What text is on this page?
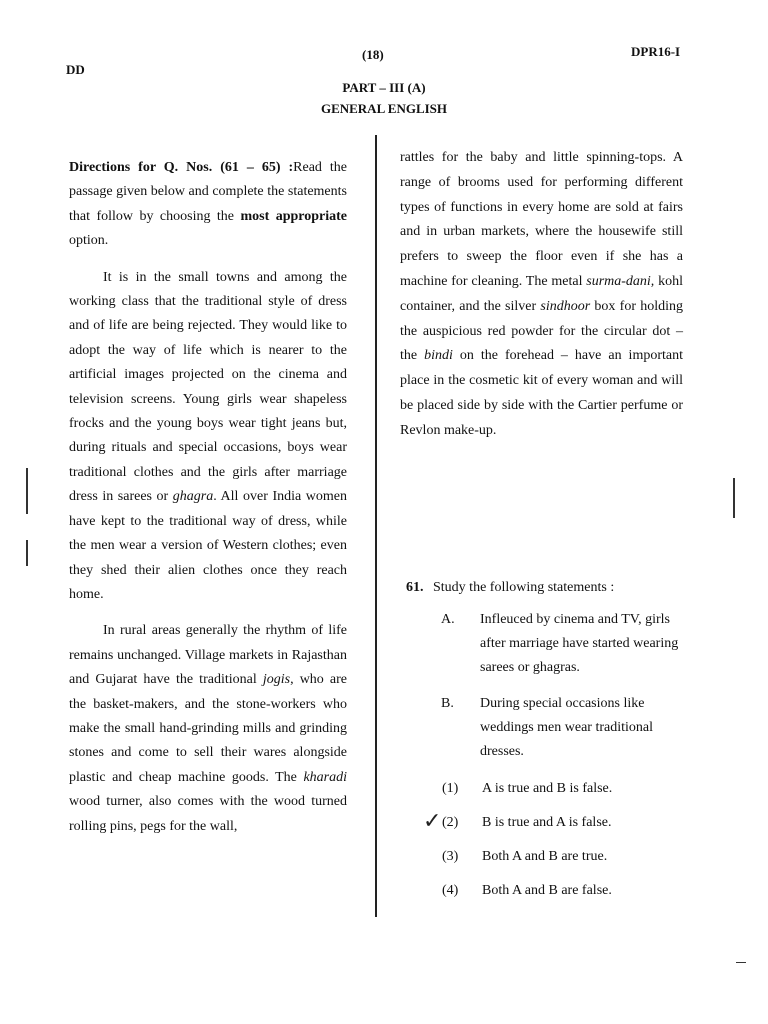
DD
(18)	DPR16-I
PART – III (A)
GENERAL ENGLISH

Directions for Q. Nos. (61 – 65) :Read the passage given below and complete the statements that follow by choosing the most appropriate option.

It is in the small towns and among the working class that the traditional style of dress and of life are being rejected. They would like to adopt the way of life which is nearer to the artificial images projected on the cinema and television screens. Young girls wear shapeless frocks and the young boys wear tight jeans but, during rituals and special occasions, boys wear traditional clothes and the girls after marriage dress in sarees or ghagra. All over India women have kept to the traditional way of dress, while the men wear a version of Western clothes; even they shed their alien clothes once they reach home.

In rural areas generally the rhythm of life remains unchanged. Village markets in Rajasthan and Gujarat have the traditional jogis, who are the basket-makers, and the stone-workers who make the small hand-grinding mills and grinding stones and come to sell their wares alongside plastic and cheap machine goods. The kharadi wood turner, also comes with the wood turned rolling pins, pegs for the wall,

rattles for the baby and little spinning-tops. A range of brooms used for performing different types of functions in every home are sold at fairs and in urban markets, where the housewife still prefers to sweep the floor even if she has a machine for cleaning. The metal surma-dani, kohl container, and the silver sindhoor box for holding the auspicious red powder for the circular dot – the bindi on the forehead – have an important place in the cosmetic kit of every woman and will be placed side by side with the Cartier perfume or Revlon make-up.

61. Study the following statements :
A. Infleuced by cinema and TV, girls after marriage have started wearing sarees or ghagras.
B. During special occasions like weddings men wear traditional dresses.
(1) A is true and B is false.
✓ (2) B is true and A is false.
(3) Both A and B are true.
(4) Both A and B are false.
